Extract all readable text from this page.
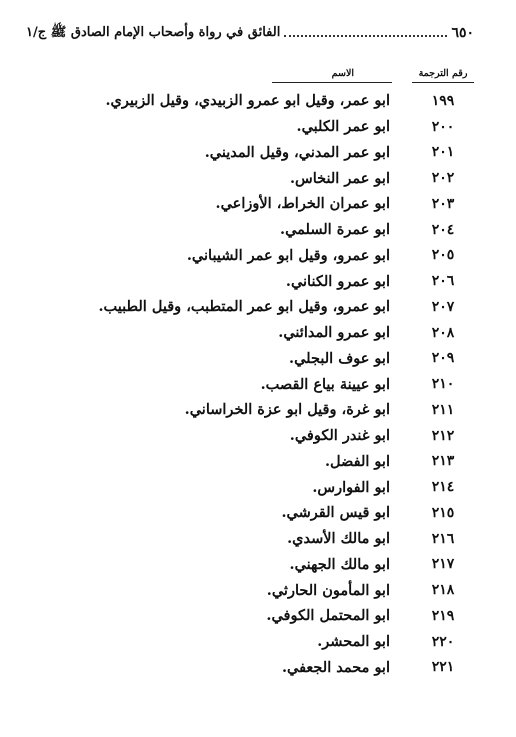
٦٥٠
الفائق في رواة وأصحاب الإمام الصادق ﷺ ج/١
رقم الترجمة
الاسم
١٩٩
ابو عمر، وقيل ابو عمرو الزبيدي، وقيل الزبيري.
٢٠٠
ابو عمر الكلبي.
٢٠١
ابو عمر المدني، وقيل المديني.
٢٠٢
ابو عمر النخاس.
٢٠٣
ابو عمران الخراط، الأوزاعي.
٢٠٤
ابو عمرة السلمي.
٢٠٥
ابو عمرو، وقيل ابو عمر الشيباني.
٢٠٦
ابو عمرو الكناني.
٢٠٧
ابو عمرو، وقيل ابو عمر المتطبب، وقيل الطبيب.
٢٠٨
ابو عمرو المدائني.
٢٠٩
ابو عوف البجلي.
٢١٠
ابو عيينة بياع القصب.
٢١١
ابو غرة، وقيل ابو عزة الخراساني.
٢١٢
ابو غندر الكوفي.
٢١٣
ابو الفضل.
٢١٤
ابو الفوارس.
٢١٥
ابو قيس القرشي.
٢١٦
ابو مالك الأسدي.
٢١٧
ابو مالك الجهني.
٢١٨
ابو المأمون الحارثي.
٢١٩
ابو المحتمل الكوفي.
٢٢٠
ابو المحشر.
٢٢١
ابو محمد الجعفي.
